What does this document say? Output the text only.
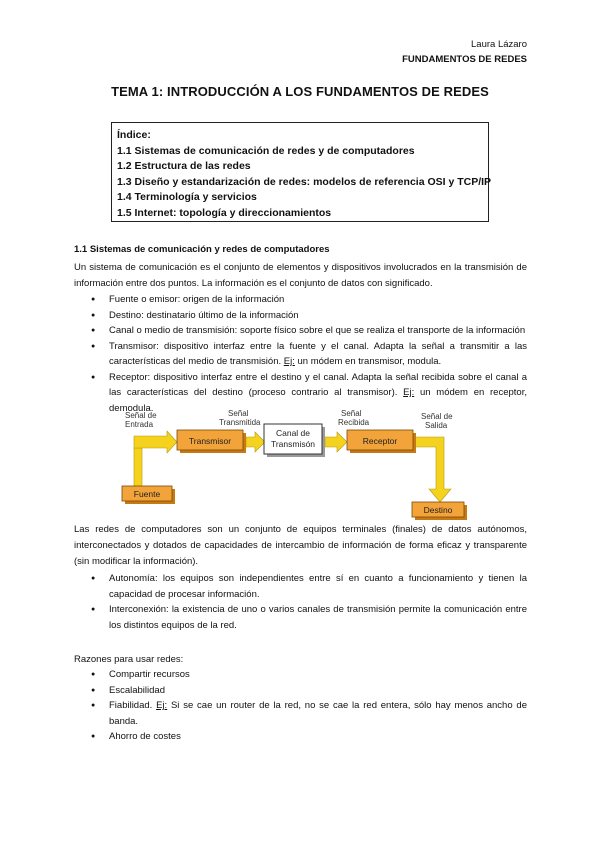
Laura Lázaro
FUNDAMENTOS DE REDES
TEMA 1: INTRODUCCIÓN A LOS FUNDAMENTOS DE REDES
Índice:
1.1 Sistemas de comunicación de redes y de computadores
1.2 Estructura de las redes
1.3 Diseño y estandarización de redes: modelos de referencia OSI y TCP/IP
1.4 Terminología y servicios
1.5 Internet: topología y direccionamientos
1.1 Sistemas de comunicación y redes de computadores

Un sistema de comunicación es el conjunto de elementos y dispositivos involucrados en la transmisión de información entre dos puntos. La información es el conjunto de datos con significado.

● Fuente o emisor: origen de la información
● Destino: destinatario último de la información
● Canal o medio de transmisión: soporte físico sobre el que se realiza el transporte de la información
● Transmisor: dispositivo interfaz entre la fuente y el canal. Adapta la señal a transmitir a las características del medio de transmisión. Ej: un módem en transmisor, modula.
● Receptor: dispositivo interfaz entre el destino y el canal. Adapta la señal recibida sobre el canal a las características del destino (proceso contrario al transmisor). Ej: un módem en receptor, demodula.
Señal de
Entrada
Señal
Transmitida
Señal
Recibida
Señal de
Salida
Transmisor
Canal de
Transmisón	Receptor
Fuente
Destino

Las redes de computadores son un conjunto de equipos terminales (finales) de datos autónomos, interconectados y dotados de capacidades de intercambio de información de forma eficaz y transparente (sin modificar la información).

● Autonomía: los equipos son independientes entre sí en cuanto a funcionamiento y tienen la capacidad de procesar información.
● Interconexión: la existencia de uno o varios canales de transmisión permite la comunicación entre los distintos equipos de la red.

Razones para usar redes:

● Compartir recursos
● Escalabilidad
● Fiabilidad. Ej: Si se cae un router de la red, no se cae la red entera, sólo hay menos ancho de banda.
● Ahorro de costes
